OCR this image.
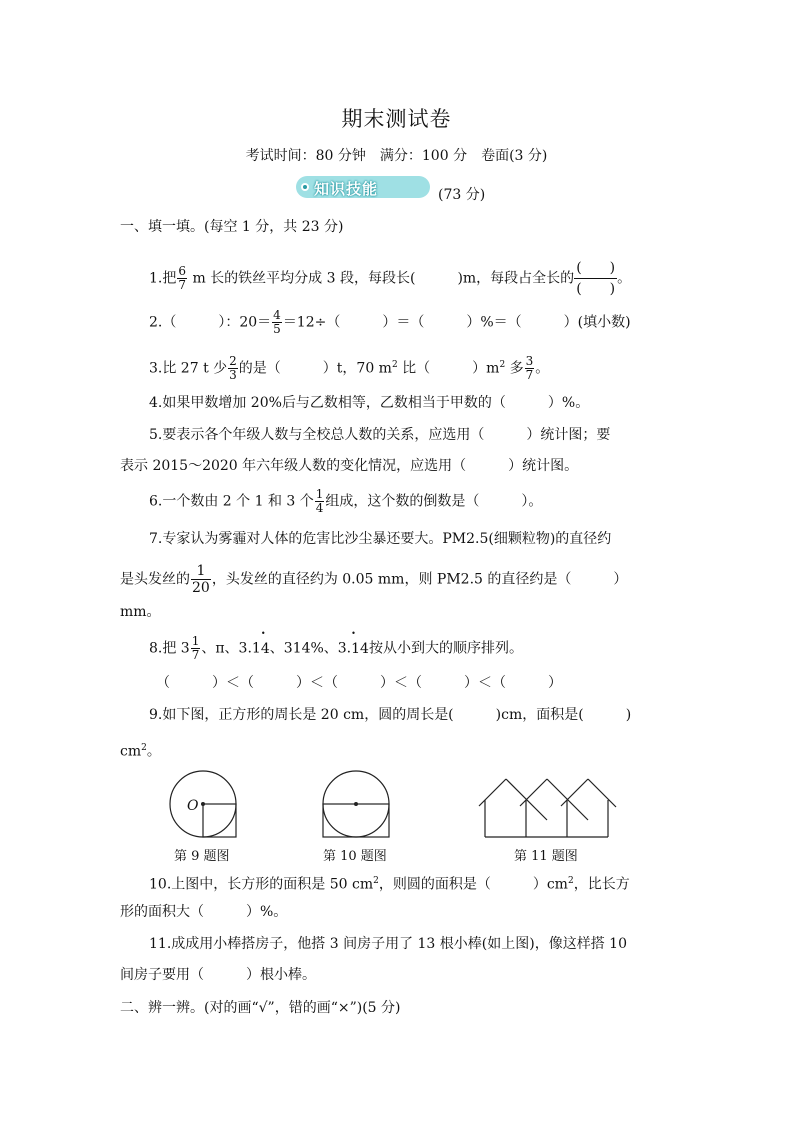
期末测试卷
考试时间：80 分钟　满分：100 分　卷面(3 分)
知识技能	(73 分)
一、填一填。(每空 1 分，共 23 分)
1.把 $\frac{6}{7}$ m 长的铁丝平均分成 3 段，每段长(　　　)m，每段占全长的 $\frac{( )}{( )}$ 。
2.（　　　）：$20= \frac{4}{5} =12\div$（　　　）＝（　　　）%＝（　　　）(填小数)
3.比 27 t 少 $\frac{2}{3}$ 的是（　　　）t，70 $m^2$ 比（　　　）$m^2$ 多 $\frac{3}{7}$ 。
4.如果甲数增加 20%后与乙数相等，乙数相当于甲数的（　　　）%。
5.要表示各个年级人数与全校总人数的关系，应选用（　　　）统计图；要
表示 2015～2020 年六年级人数的变化情况，应选用（　　　）统计图。
6.一个数由 2 个 1 和 3 个 $\frac{1}{4}$ 组成，这个数的倒数是（　　　）。
7.专家认为雾霾对人体的危害比沙尘暴还要大。PM2.5(细颗粒物)的直径约
是头发丝的 $\frac{1}{20}$ ，头发丝的直径约为 0.05 mm，则 PM2.5 的直径约是（　　　）
mm。
8.把 $3 \frac{1}{7}$ 、π、3.1
•
4、314%、3.
•
14按从小到大的顺序排列。
（　　　）＜（　　　）＜（　　　）＜（　　　）＜（　　　）
9.如下图，正方形的周长是 20 cm，圆的周长是(　　　)cm，面积是(　　　)
$cm^2$。
O
第 9 题图	第 10 题图	第 11 题图
10.上图中，长方形的面积是 50 $cm^2$，则圆的面积是（　　　）$cm^2$，比长方
形的面积大（　　　）%。
11.成成用小棒搭房子，他搭 3 间房子用了 13 根小棒(如上图)，像这样搭 10
间房子要用（　　　）根小棒。
二、辨一辨。(对的画“√”，错的画“×”)(5 分)
